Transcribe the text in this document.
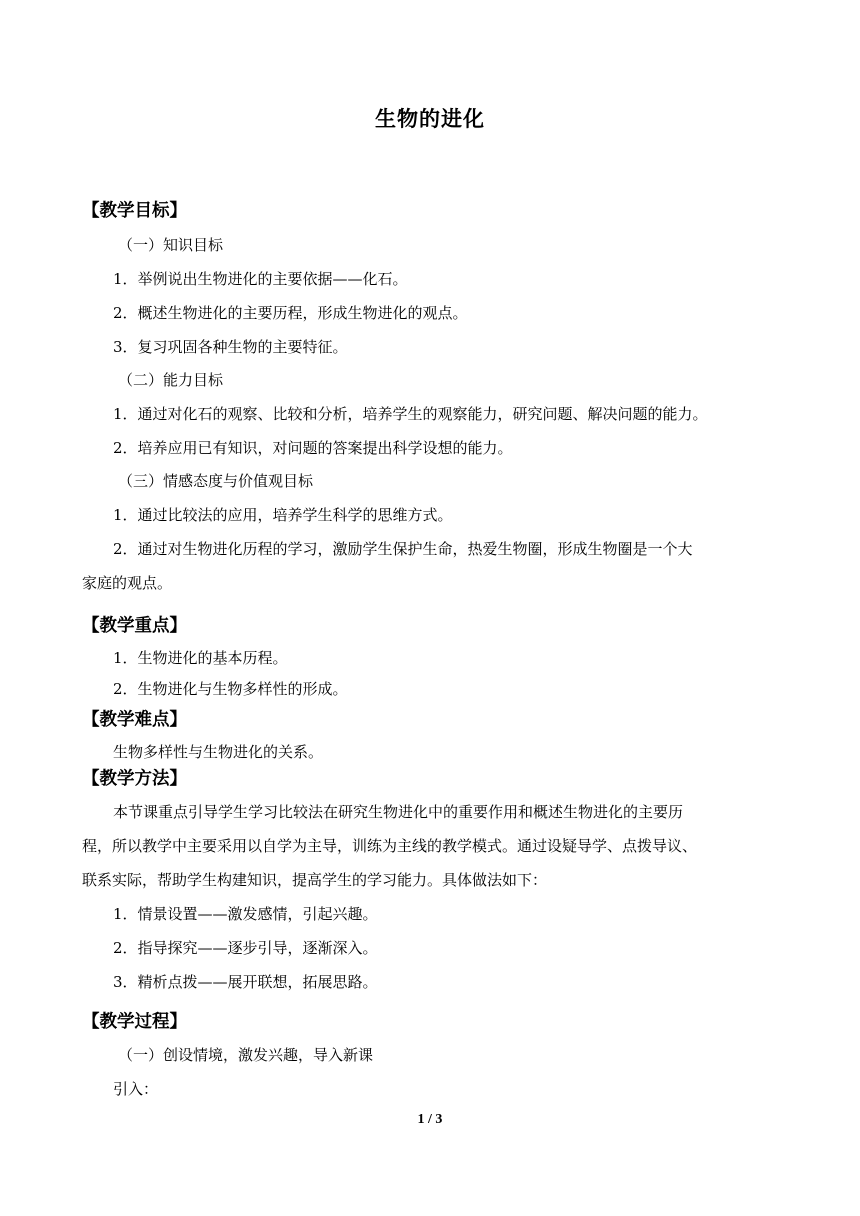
生物的进化
【教学目标】
（一）知识目标
1．举例说出生物进化的主要依据——化石。
2．概述生物进化的主要历程，形成生物进化的观点。
3．复习巩固各种生物的主要特征。
（二）能力目标
1．通过对化石的观察、比较和分析，培养学生的观察能力，研究问题、解决问题的能力。
2．培养应用已有知识，对问题的答案提出科学设想的能力。
（三）情感态度与价值观目标
1．通过比较法的应用，培养学生科学的思维方式。
2．通过对生物进化历程的学习，激励学生保护生命，热爱生物圈，形成生物圈是一个大
家庭的观点。
【教学重点】
1．生物进化的基本历程。
2．生物进化与生物多样性的形成。
【教学难点】
生物多样性与生物进化的关系。
【教学方法】
本节课重点引导学生学习比较法在研究生物进化中的重要作用和概述生物进化的主要历
程，所以教学中主要采用以自学为主导，训练为主线的教学模式。通过设疑导学、点拨导议、
联系实际，帮助学生构建知识，提高学生的学习能力。具体做法如下：
1．情景设置——激发感情，引起兴趣。
2．指导探究——逐步引导，逐渐深入。
3．精析点拨——展开联想，拓展思路。
【教学过程】
（一）创设情境，激发兴趣，导入新课
引入：
1 / 3
